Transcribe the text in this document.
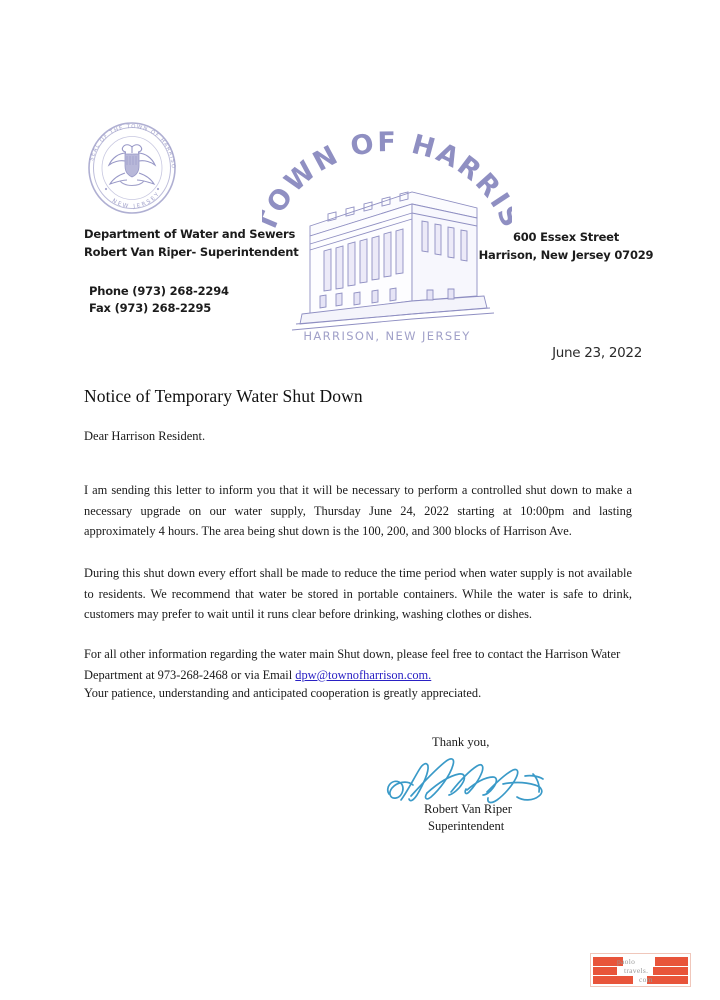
SEAL OF THE TOWN OF HARRISO
NEW JERSEY	OWN OF HARR
HARRISON, NEW JERSEY
Department of Water and Sewers
Robert Van Riper- Superintendent
Phone (973) 268-2294
Fax (973) 268-2295
600 Essex Street
Harrison, New Jersey 07029
June 23, 2022
Notice of Temporary Water Shut Down
Dear Harrison Resident.

I am sending this letter to inform you that it will be necessary to perform a controlled shut down to make a necessary upgrade on our water supply, Thursday June 24, 2022 starting at 10:00pm and lasting approximately 4 hours. The area being shut down is the 100, 200, and 300 blocks of Harrison Ave.

During this shut down every effort shall be made to reduce the time period when water supply is not available to residents. We recommend that water be stored in portable containers. While the water is safe to drink, customers may prefer to wait until it runs clear before drinking, washing clothes or dishes.

For all other information regarding the water main Shut down, please feel free to contact the Harrison Water Department at 973-268-2468 or via Email dpw@townofharrison.com.

Your patience, understanding and anticipated cooperation is greatly appreciated.

Thank you,
Robert Van Riper
Superintendent
paolo
travels.
com
